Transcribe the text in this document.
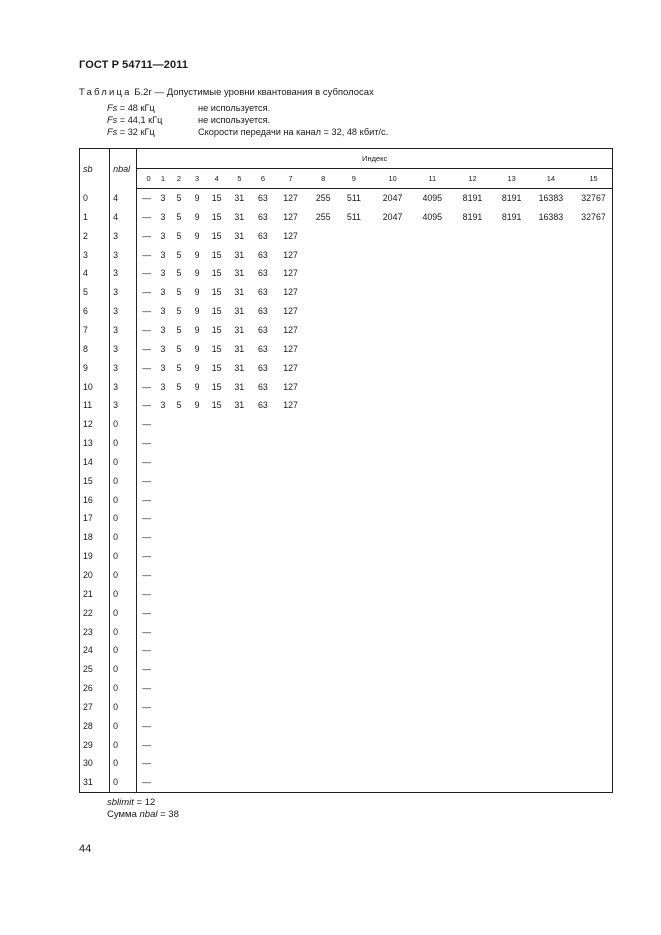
ГОСТ Р 54711—2011
Таблица Б.2г — Допустимые уровни квантования в субполосах
Fs = 48 кГц	не используется.
Fs = 44,1 кГц	не используется.
Fs = 32 кГц	Скорости передачи на канал = 32, 48 кбит/с.
sb	nbal	Индекс															
		0	1	2	3	4	5	6	7	8	9	10	11	12	13	14	15
0	4	—	3	5	9	15	31	63	127	255	511	2047	4095	8191	8191	16383	32767
1	4	—	3	5	9	15	31	63	127	255	511	2047	4095	8191	8191	16383	32767
2	3	—	3	5	9	15	31	63	127								
3	3	—	3	5	9	15	31	63	127								
4	3	—	3	5	9	15	31	63	127								
5	3	—	3	5	9	15	31	63	127								
6	3	—	3	5	9	15	31	63	127								
7	3	—	3	5	9	15	31	63	127								
8	3	—	3	5	9	15	31	63	127								
9	3	—	3	5	9	15	31	63	127								
10	3	—	3	5	9	15	31	63	127								
11	3	—	3	5	9	15	31	63	127								
12	0	—															
13	0	—															
14	0	—															
15	0	—															
16	0	—															
17	0	—															
18	0	—															
19	0	—															
20	0	—															
21	0	—															
22	0	—															
23	0	—															
24	0	—															
25	0	—															
26	0	—															
27	0	—															
28	0	—															
29	0	—															
30	0	—															
31	0	—															
sblimit = 12
Сумма nbal = 38
44
